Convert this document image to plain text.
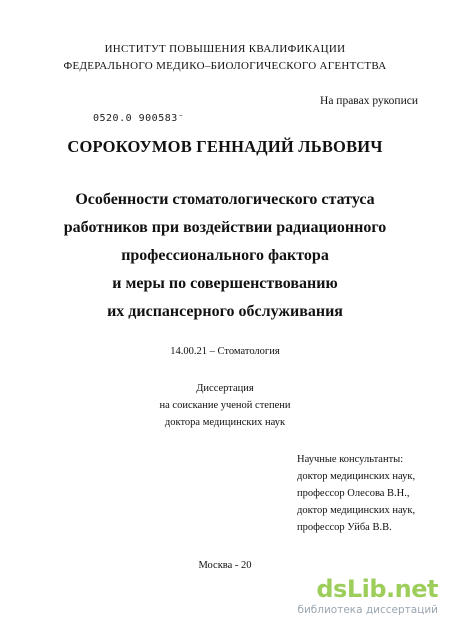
ИНСТИТУТ ПОВЫШЕНИЯ КВАЛИФИКАЦИИ
ФЕДЕРАЛЬНОГО МЕДИКО–БИОЛОГИЧЕСКОГО АГЕНТСТВА
На правах рукописи
0520.0 900583⁻
СОРОКОУМОВ ГЕННАДИЙ ЛЬВОВИЧ
Особенности стоматологического статуса
работников при воздействии радиационного
профессионального фактора
и меры по совершенствованию
их диспансерного обслуживания
14.00.21 – Стоматология
Диссертация
на соискание ученой степени
доктора медицинских наук
Научные консультанты:
доктор медицинских наук,
профессор Олесова В.Н.,
доктор медицинских наук,
профессор Уйба В.В.
Москва - 20
dsLib.net
библиотека диссертаций
